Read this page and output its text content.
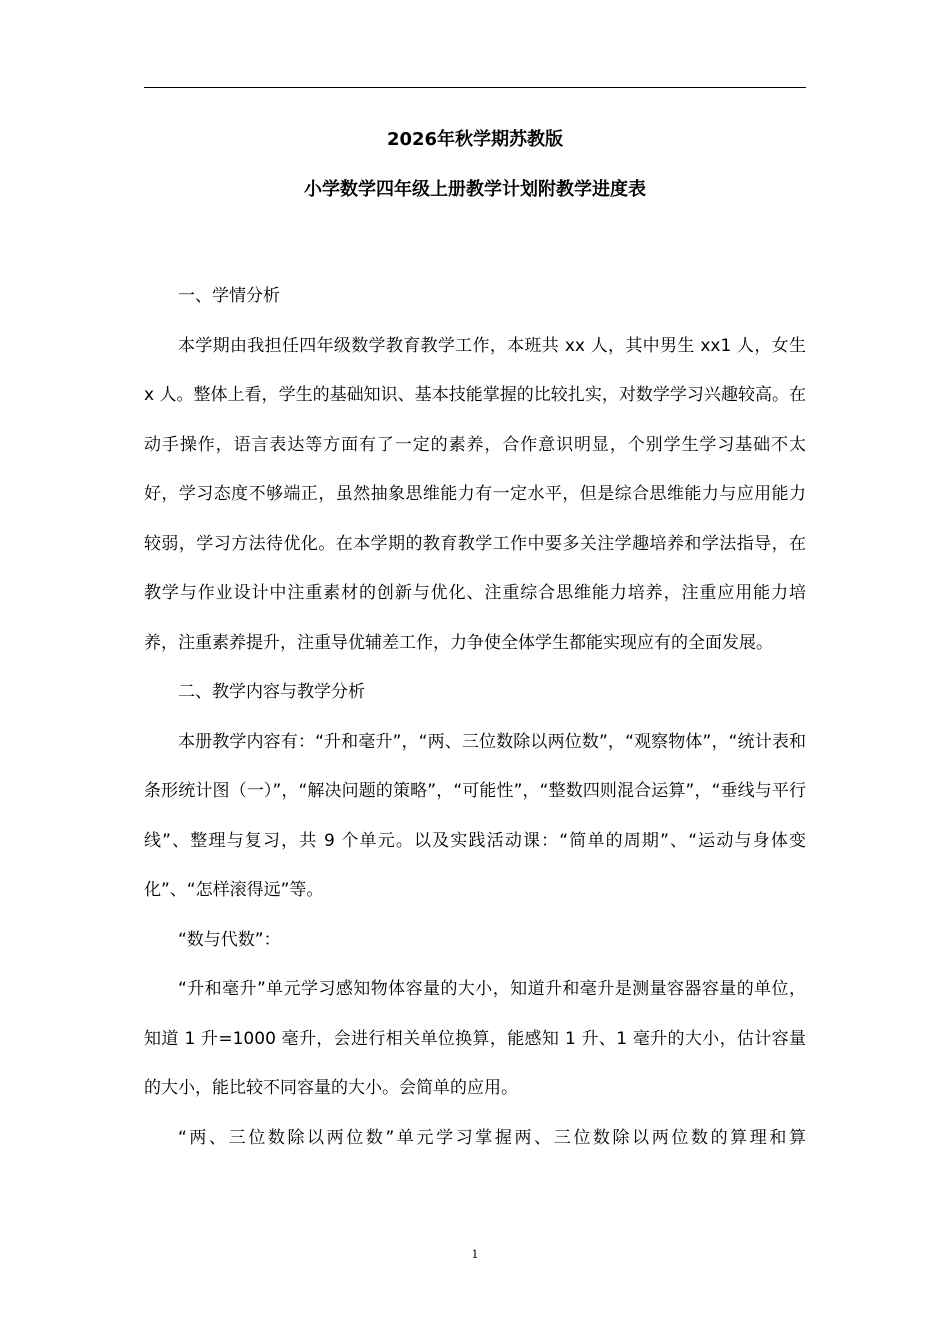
2026年秋学期苏教版
小学数学四年级上册教学计划附教学进度表

一、学情分析

本学期由我担任四年级数学教育教学工作，本班共 xx 人，其中男生 xx1 人，女生 x 人。整体上看，学生的基础知识、基本技能掌握的比较扎实，对数学学习兴趣较高。在动手操作，语言表达等方面有了一定的素养，合作意识明显，个别学生学习基础不太好，学习态度不够端正，虽然抽象思维能力有一定水平，但是综合思维能力与应用能力较弱，学习方法待优化。在本学期的教育教学工作中要多关注学趣培养和学法指导，在教学与作业设计中注重素材的创新与优化、注重综合思维能力培养，注重应用能力培养，注重素养提升，注重导优辅差工作，力争使全体学生都能实现应有的全面发展。

二、教学内容与教学分析

本册教学内容有：“升和毫升”，“两、三位数除以两位数”，“观察物体”，“统计表和条形统计图（一）”，“解决问题的策略”，“可能性”，“整数四则混合运算”，“垂线与平行线”、整理与复习，共 9 个单元。以及实践活动课：“简单的周期”、“运动与身体变化”、“怎样滚得远”等。

“数与代数”：

“升和毫升”单元学习感知物体容量的大小，知道升和毫升是测量容器容量的单位，知道 1 升=1000 毫升，会进行相关单位换算，能感知 1 升、1 毫升的大小，估计容量的大小，能比较不同容量的大小。会简单的应用。

“两、三位数除以两位数”单元学习掌握两、三位数除以两位数的算理和算

1
